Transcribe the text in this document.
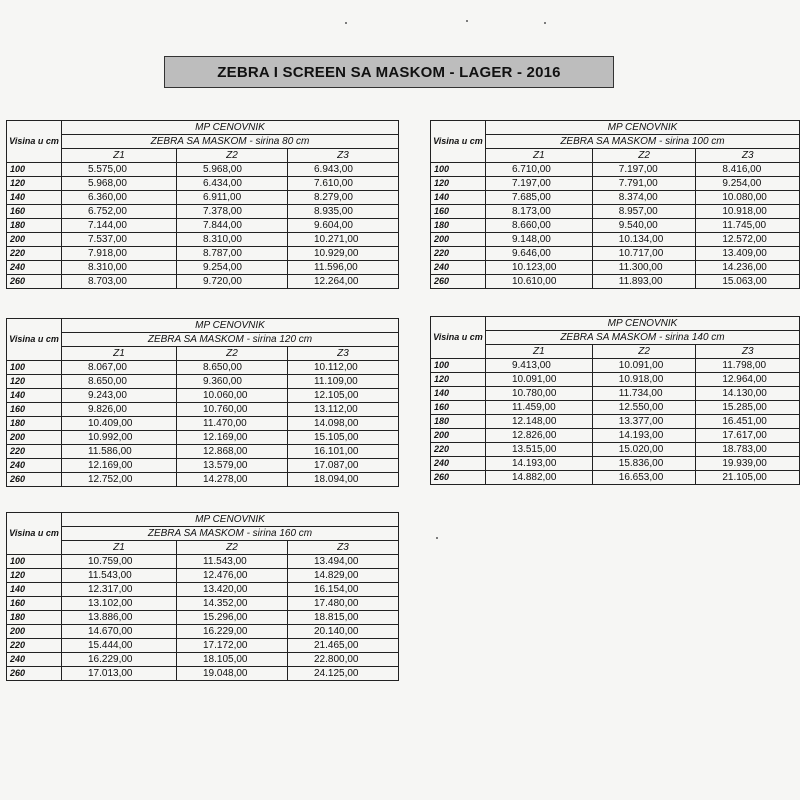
ZEBRA I SCREEN SA MASKOM - LAGER - 2016
Visina u cm	MP CENOVNIK		
	ZEBRA SA MASKOM - sirina 80 cm		
	Z1	Z2	Z3
100	5.575,00	5.968,00	6.943,00
120	5.968,00	6.434,00	7.610,00
140	6.360,00	6.911,00	8.279,00
160	6.752,00	7.378,00	8.935,00
180	7.144,00	7.844,00	9.604,00
200	7.537,00	8.310,00	10.271,00
220	7.918,00	8.787,00	10.929,00
240	8.310,00	9.254,00	11.596,00
260	8.703,00	9.720,00	12.264,00
Visina u cm	MP CENOVNIK		
	ZEBRA SA MASKOM - sirina 100 cm		
	Z1	Z2	Z3
100	6.710,00	7.197,00	8.416,00
120	7.197,00	7.791,00	9.254,00
140	7.685,00	8.374,00	10.080,00
160	8.173,00	8.957,00	10.918,00
180	8.660,00	9.540,00	11.745,00
200	9.148,00	10.134,00	12.572,00
220	9.646,00	10.717,00	13.409,00
240	10.123,00	11.300,00	14.236,00
260	10.610,00	11.893,00	15.063,00
Visina u cm	MP CENOVNIK		
	ZEBRA SA MASKOM - sirina 120 cm		
	Z1	Z2	Z3
100	8.067,00	8.650,00	10.112,00
120	8.650,00	9.360,00	11.109,00
140	9.243,00	10.060,00	12.105,00
160	9.826,00	10.760,00	13.112,00
180	10.409,00	11.470,00	14.098,00
200	10.992,00	12.169,00	15.105,00
220	11.586,00	12.868,00	16.101,00
240	12.169,00	13.579,00	17.087,00
260	12.752,00	14.278,00	18.094,00
Visina u cm	MP CENOVNIK		
	ZEBRA SA MASKOM - sirina 140 cm		
	Z1	Z2	Z3
100	9.413,00	10.091,00	11.798,00
120	10.091,00	10.918,00	12.964,00
140	10.780,00	11.734,00	14.130,00
160	11.459,00	12.550,00	15.285,00
180	12.148,00	13.377,00	16.451,00
200	12.826,00	14.193,00	17.617,00
220	13.515,00	15.020,00	18.783,00
240	14.193,00	15.836,00	19.939,00
260	14.882,00	16.653,00	21.105,00
Visina u cm	MP CENOVNIK		
	ZEBRA SA MASKOM - sirina 160 cm		
	Z1	Z2	Z3
100	10.759,00	11.543,00	13.494,00
120	11.543,00	12.476,00	14.829,00
140	12.317,00	13.420,00	16.154,00
160	13.102,00	14.352,00	17.480,00
180	13.886,00	15.296,00	18.815,00
200	14.670,00	16.229,00	20.140,00
220	15.444,00	17.172,00	21.465,00
240	16.229,00	18.105,00	22.800,00
260	17.013,00	19.048,00	24.125,00
